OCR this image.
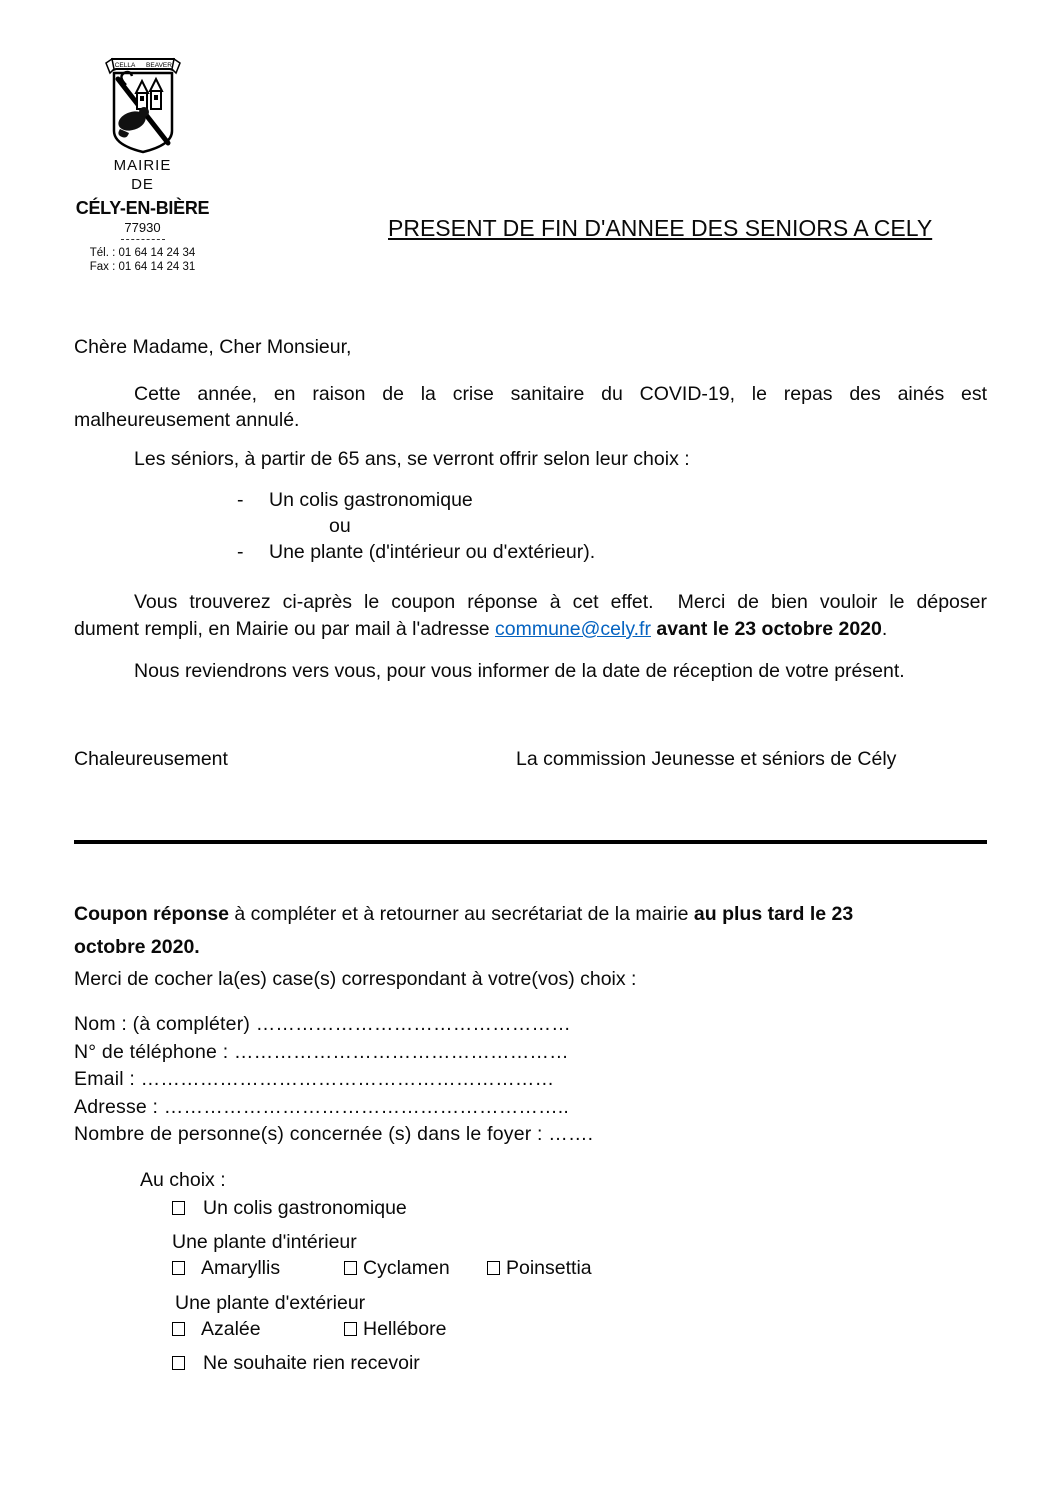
CELLA BEAVER
MAIRIE
DE
CÉLY-EN-BIÈRE
77930
Tél. : 01 64 14 24 34
Fax : 01 64 14 24 31
PRESENT DE FIN D'ANNEE DES SENIORS A CELY
Chère Madame, Cher Monsieur,
Cette année, en raison de la crise sanitaire du COVID-19, le repas des ainés est
malheureusement annulé.
Les séniors, à partir de 65 ans, se verront offrir selon leur choix :
-	Un colis gastronomique
ou
-	Une plante (d'intérieur ou d'extérieur).
Vous trouverez ci-après le coupon réponse à cet effet.  Merci de bien vouloir le déposer
dument rempli, en Mairie ou par mail à l'adresse commune@cely.fr avant le 23 octobre 2020.
Nous reviendrons vers vous, pour vous informer de la date de réception de votre présent.
Chaleureusement	La commission Jeunesse et séniors de Cély
Coupon réponse à compléter et à retourner au secrétariat de la mairie au plus tard le 23
octobre 2020.
Merci de cocher la(es) case(s) correspondant à votre(vos) choix :
Nom : (à compléter) …………………………………………
N° de téléphone : ……………………………………………
Email : ………………………………………………………
Adresse : ……………………………………………………..
Nombre de personne(s) concernée (s) dans le foyer : …….
Au choix :
Un colis gastronomique
Une plante d'intérieur
Amaryllis	Cyclamen	Poinsettia
Une plante d'extérieur
Azalée	Hellébore
Ne souhaite rien recevoir
